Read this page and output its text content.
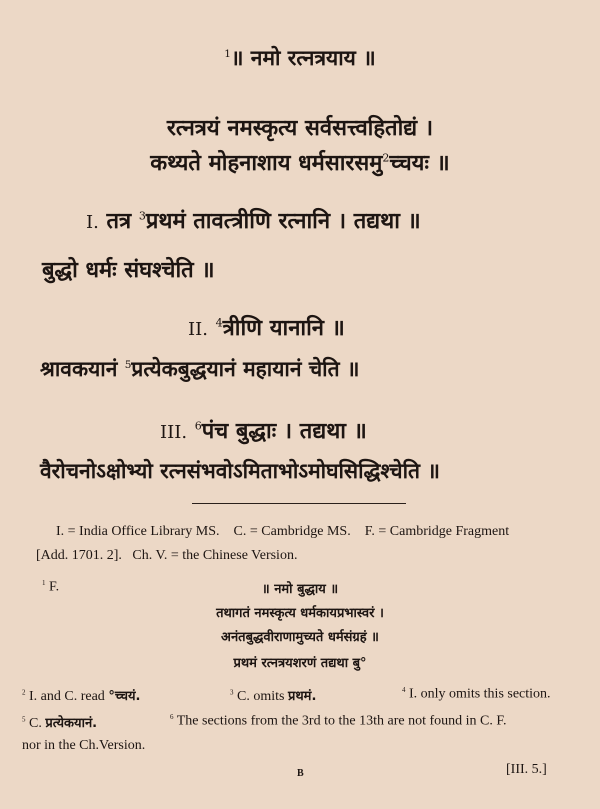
$^1$॥ नमो रत्नत्रयाय ॥
रत्नत्रयं नमस्कृत्य सर्वसत्त्वहितोद्यं ।
कथ्यते मोहनाशाय धर्मसारसमु$^2$च्चयः ॥
I. तत्र $^3$प्रथमं तावत्त्रीणि रत्नानि । तद्यथा ॥
बुद्धो धर्मः संघश्चेति ॥
II. $^4$त्रीणि यानानि ॥
श्रावकयानं $^5$प्रत्येकबुद्धयानं महायानं चेति ॥
III. $^6$पंच बुद्धाः । तद्यथा ॥
वैरोचनोऽक्षोभ्यो रत्नसंभवोऽमिताभोऽमोघसिद्धिश्चेति ॥
I. = India Office Library MS.    C. = Cambridge MS.    F. = Cambridge Fragment
[Add. 1701. 2].   Ch. V. = the Chinese Version.
$^1$ F.	॥ नमो बुद्धाय ॥
तथागतं नमस्कृत्य धर्मकायप्रभास्वरं ।
अनंतबुद्धवीराणामुच्यते धर्मसंग्रहं ॥
प्रथमं रत्नत्रयशरणं तद्यथा बु°
$^2$ I. and C. read °च्चयं.	$^3$ C. omits प्रथमं.	$^4$ I. only omits this section.
$^5$ C. प्रत्येकयानं.	$^6$ The sections from the 3rd to the 13th are not found in C. F.
nor in the Ch.Version.
B	[III. 5.]
